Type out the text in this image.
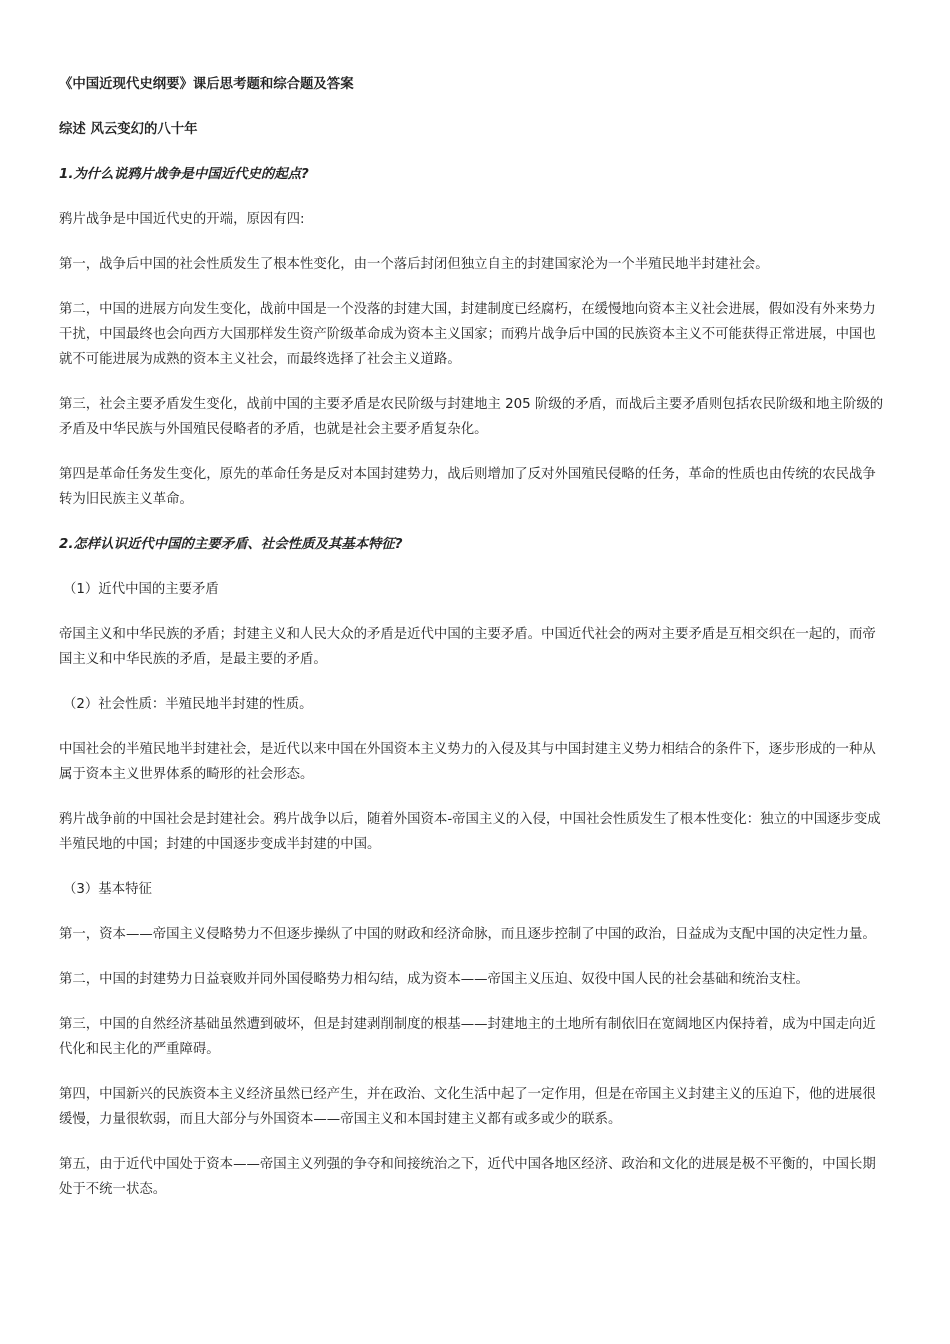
《中国近现代史纲要》课后思考题和综合题及答案

综述 风云变幻的八十年

1.为什么说鸦片战争是中国近代史的起点?

鸦片战争是中国近代史的开端，原因有四:

第一，战争后中国的社会性质发生了根本性变化，由一个落后封闭但独立自主的封建国家沦为一个半殖民地半封建社会。

第二，中国的进展方向发生变化，战前中国是一个没落的封建大国，封建制度已经腐朽，在缓慢地向资本主义社会进展，假如没有外来势力干扰，中国最终也会向西方大国那样发生资产阶级革命成为资本主义国家；而鸦片战争后中国的民族资本主义不可能获得正常进展，中国也就不可能进展为成熟的资本主义社会，而最终选择了社会主义道路。

第三，社会主要矛盾发生变化，战前中国的主要矛盾是农民阶级与封建地主 205 阶级的矛盾，而战后主要矛盾则包括农民阶级和地主阶级的矛盾及中华民族与外国殖民侵略者的矛盾，也就是社会主要矛盾复杂化。

第四是革命任务发生变化，原先的革命任务是反对本国封建势力，战后则增加了反对外国殖民侵略的任务，革命的性质也由传统的农民战争转为旧民族主义革命。

2.怎样认识近代中国的主要矛盾、社会性质及其基本特征?

（1）近代中国的主要矛盾

帝国主义和中华民族的矛盾；封建主义和人民大众的矛盾是近代中国的主要矛盾。中国近代社会的两对主要矛盾是互相交织在一起的，而帝国主义和中华民族的矛盾，是最主要的矛盾。

（2）社会性质：半殖民地半封建的性质。

中国社会的半殖民地半封建社会，是近代以来中国在外国资本主义势力的入侵及其与中国封建主义势力相结合的条件下，逐步形成的一种从属于资本主义世界体系的畸形的社会形态。

鸦片战争前的中国社会是封建社会。鸦片战争以后，随着外国资本-帝国主义的入侵，中国社会性质发生了根本性变化：独立的中国逐步变成半殖民地的中国；封建的中国逐步变成半封建的中国。

（3）基本特征

第一，资本——帝国主义侵略势力不但逐步操纵了中国的财政和经济命脉，而且逐步控制了中国的政治，日益成为支配中国的决定性力量。

第二，中国的封建势力日益衰败并同外国侵略势力相勾结，成为资本——帝国主义压迫、奴役中国人民的社会基础和统治支柱。

第三，中国的自然经济基础虽然遭到破坏，但是封建剥削制度的根基——封建地主的土地所有制依旧在宽阔地区内保持着，成为中国走向近代化和民主化的严重障碍。

第四，中国新兴的民族资本主义经济虽然已经产生，并在政治、文化生活中起了一定作用，但是在帝国主义封建主义的压迫下，他的进展很缓慢，力量很软弱，而且大部分与外国资本——帝国主义和本国封建主义都有或多或少的联系。

第五，由于近代中国处于资本——帝国主义列强的争夺和间接统治之下，近代中国各地区经济、政治和文化的进展是极不平衡的，中国长期处于不统一状态。
